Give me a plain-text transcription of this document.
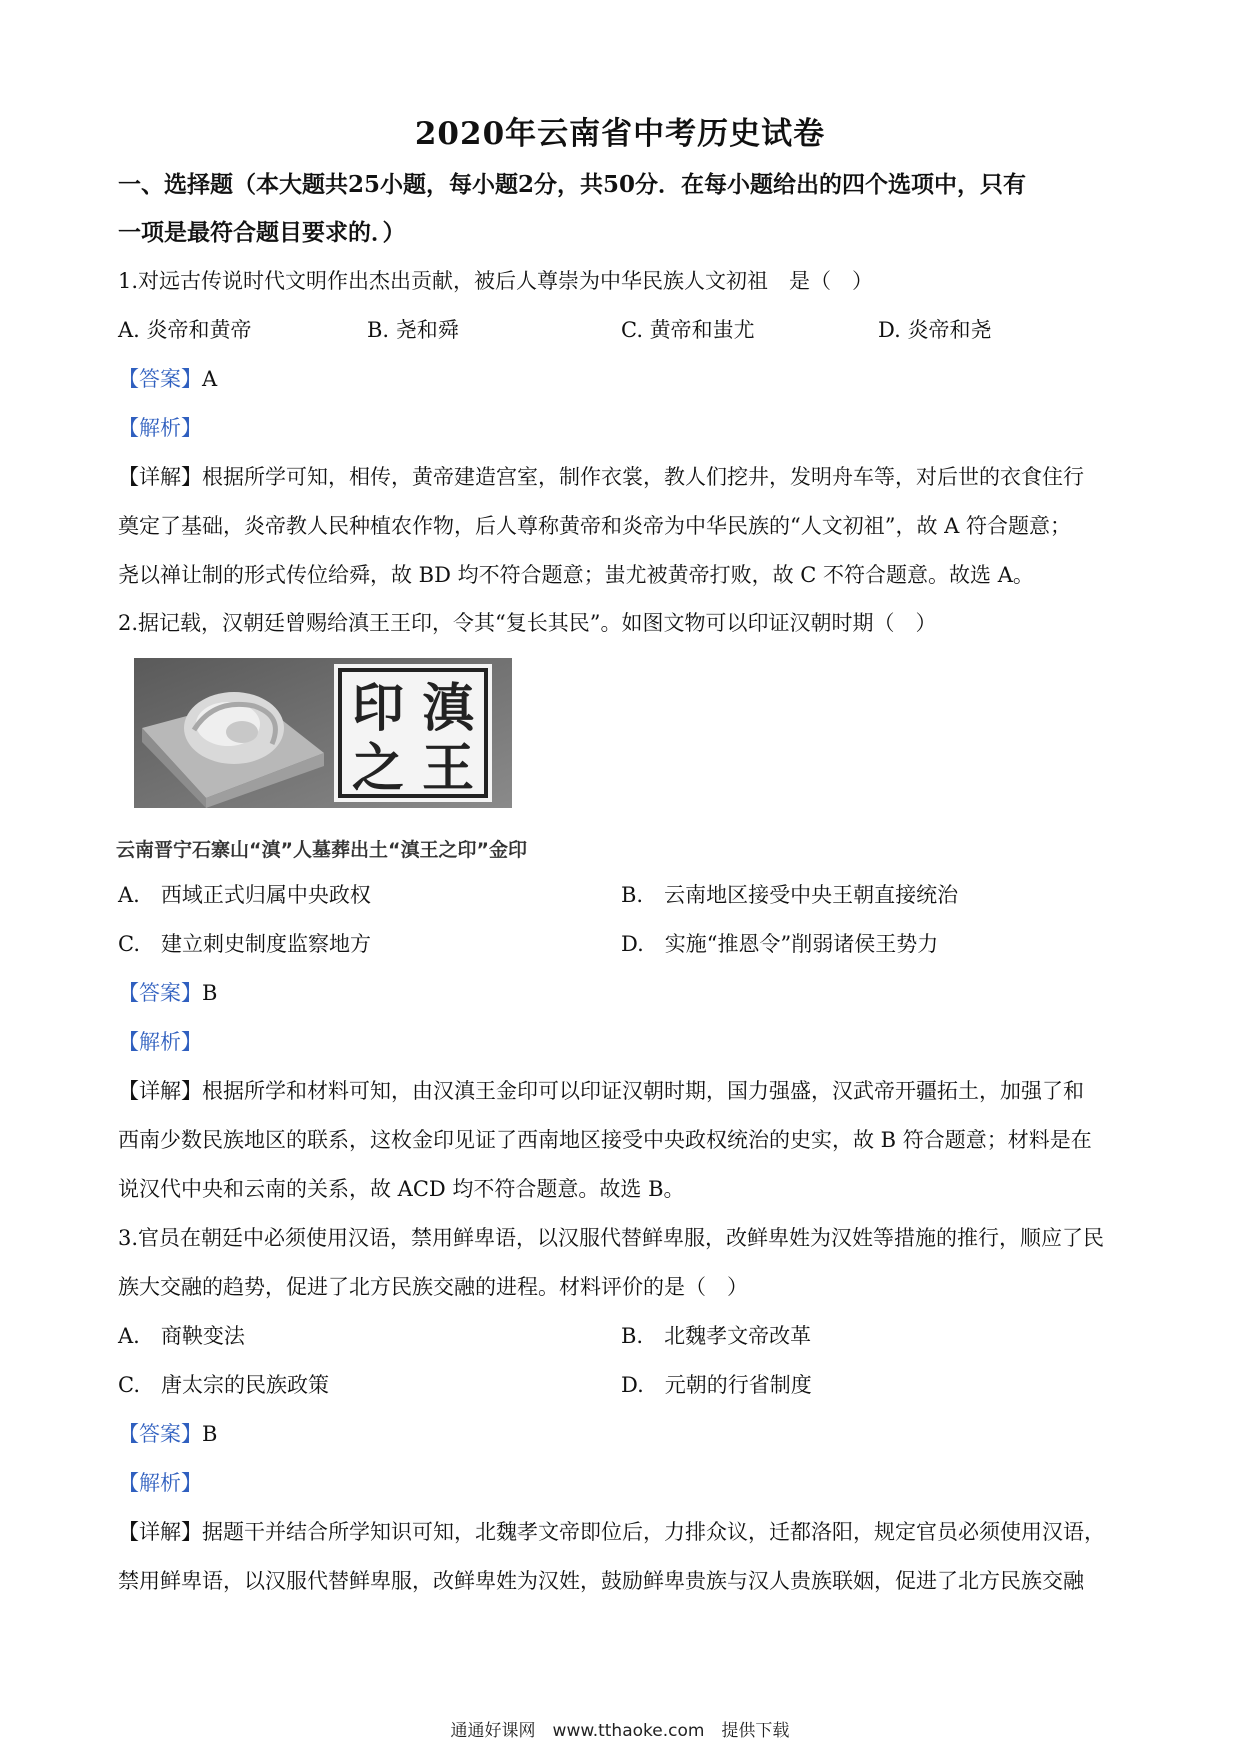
2020年云南省中考历史试卷
一、选择题（本大题共25小题，每小题2分，共50分．在每小题给出的四个选项中，只有
一项是最符合题目要求的．）
1.对远古传说时代文明作出杰出贡献，被后人尊崇为中华民族人文初祖　是（　）
A. 炎帝和黄帝	B. 尧和舜	C. 黄帝和蚩尤	D. 炎帝和尧
【答案】A
【解析】
【详解】根据所学可知，相传，黄帝建造宫室，制作衣裳，教人们挖井，发明舟车等，对后世的衣食住行
奠定了基础，炎帝教人民种植农作物，后人尊称黄帝和炎帝为中华民族的“人文初祖”，故 A 符合题意；
尧以禅让制的形式传位给舜，故 BD 均不符合题意；蚩尤被黄帝打败，故 C 不符合题意。故选 A。
2.据记载，汉朝廷曾赐给滇王王印，令其“复长其民”。如图文物可以印证汉朝时期（　）
印 滇
之 王
云南晋宁石寨山“滇”人墓葬出土“滇王之印”金印
A.　西域正式归属中央政权	B.　云南地区接受中央王朝直接统治
C.　建立刺史制度监察地方	D.　实施“推恩令”削弱诸侯王势力
【答案】B
【解析】
【详解】根据所学和材料可知，由汉滇王金印可以印证汉朝时期，国力强盛，汉武帝开疆拓土，加强了和
西南少数民族地区的联系，这枚金印见证了西南地区接受中央政权统治的史实，故 B 符合题意；材料是在
说汉代中央和云南的关系，故 ACD 均不符合题意。故选 B。
3.官员在朝廷中必须使用汉语，禁用鲜卑语，以汉服代替鲜卑服，改鲜卑姓为汉姓等措施的推行，顺应了民
族大交融的趋势，促进了北方民族交融的进程。材料评价的是（　）
A.　商鞅变法	B.　北魏孝文帝改革
C.　唐太宗的民族政策	D.　元朝的行省制度
【答案】B
【解析】
【详解】据题干并结合所学知识可知，北魏孝文帝即位后，力排众议，迁都洛阳，规定官员必须使用汉语，
禁用鲜卑语，以汉服代替鲜卑服，改鲜卑姓为汉姓，鼓励鲜卑贵族与汉人贵族联姻，促进了北方民族交融
通通好课网　www.tthaoke.com　提供下载
